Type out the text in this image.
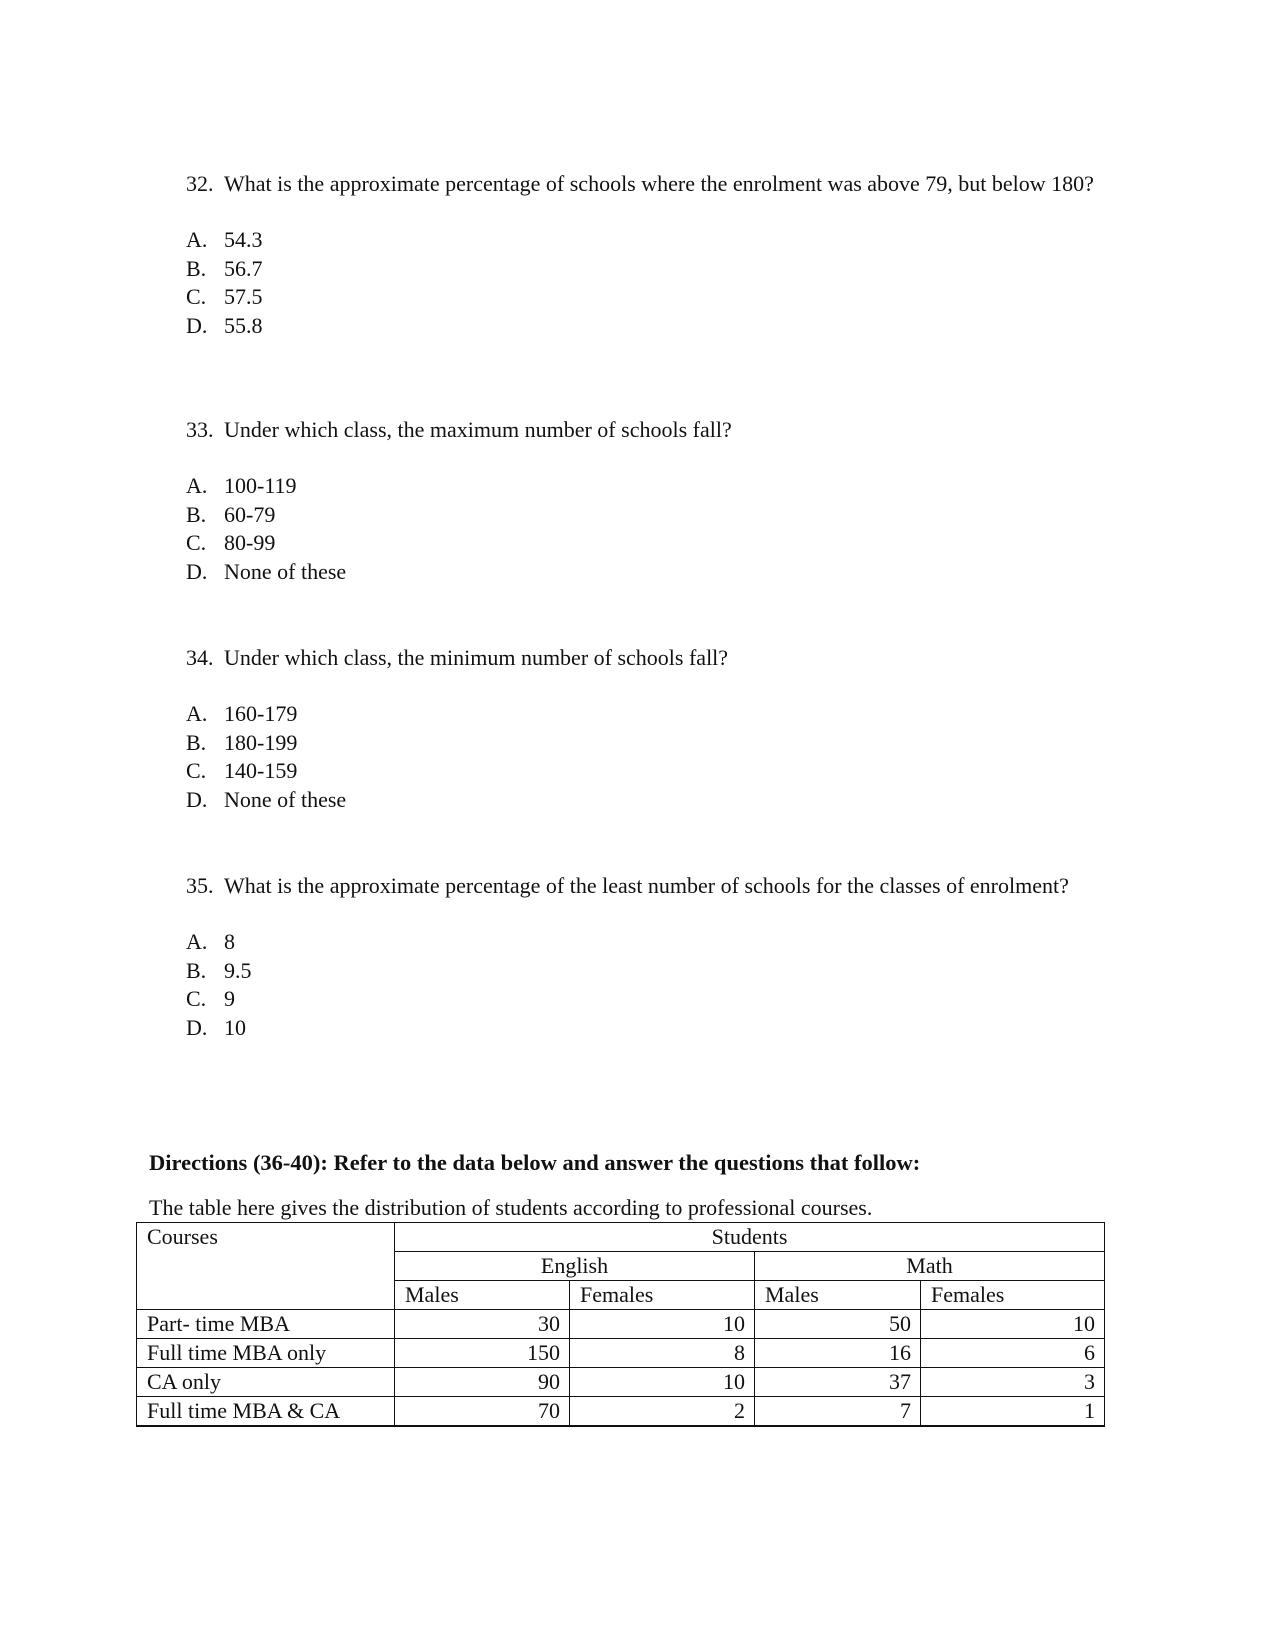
32. What is the approximate percentage of schools where the enrolment was above 79, but below 180?
A. 54.3
B. 56.7
C. 57.5
D. 55.8
33. Under which class, the maximum number of schools fall?
A. 100-119
B. 60-79
C. 80-99
D. None of these
34. Under which class, the minimum number of schools fall?
A. 160-179
B. 180-199
C. 140-159
D. None of these
35. What is the approximate percentage of the least number of schools for the classes of enrolment?
A. 8
B. 9.5
C. 9
D. 10
Directions (36-40): Refer to the data below and answer the questions that follow:
The table here gives the distribution of students according to professional courses.
Courses	Students			
	English		Math	
	Males	Females	Males	Females
Part- time MBA	30	10	50	10
Full time MBA only	150	8	16	6
CA only	90	10	37	3
Full time MBA & CA	70	2	7	1
